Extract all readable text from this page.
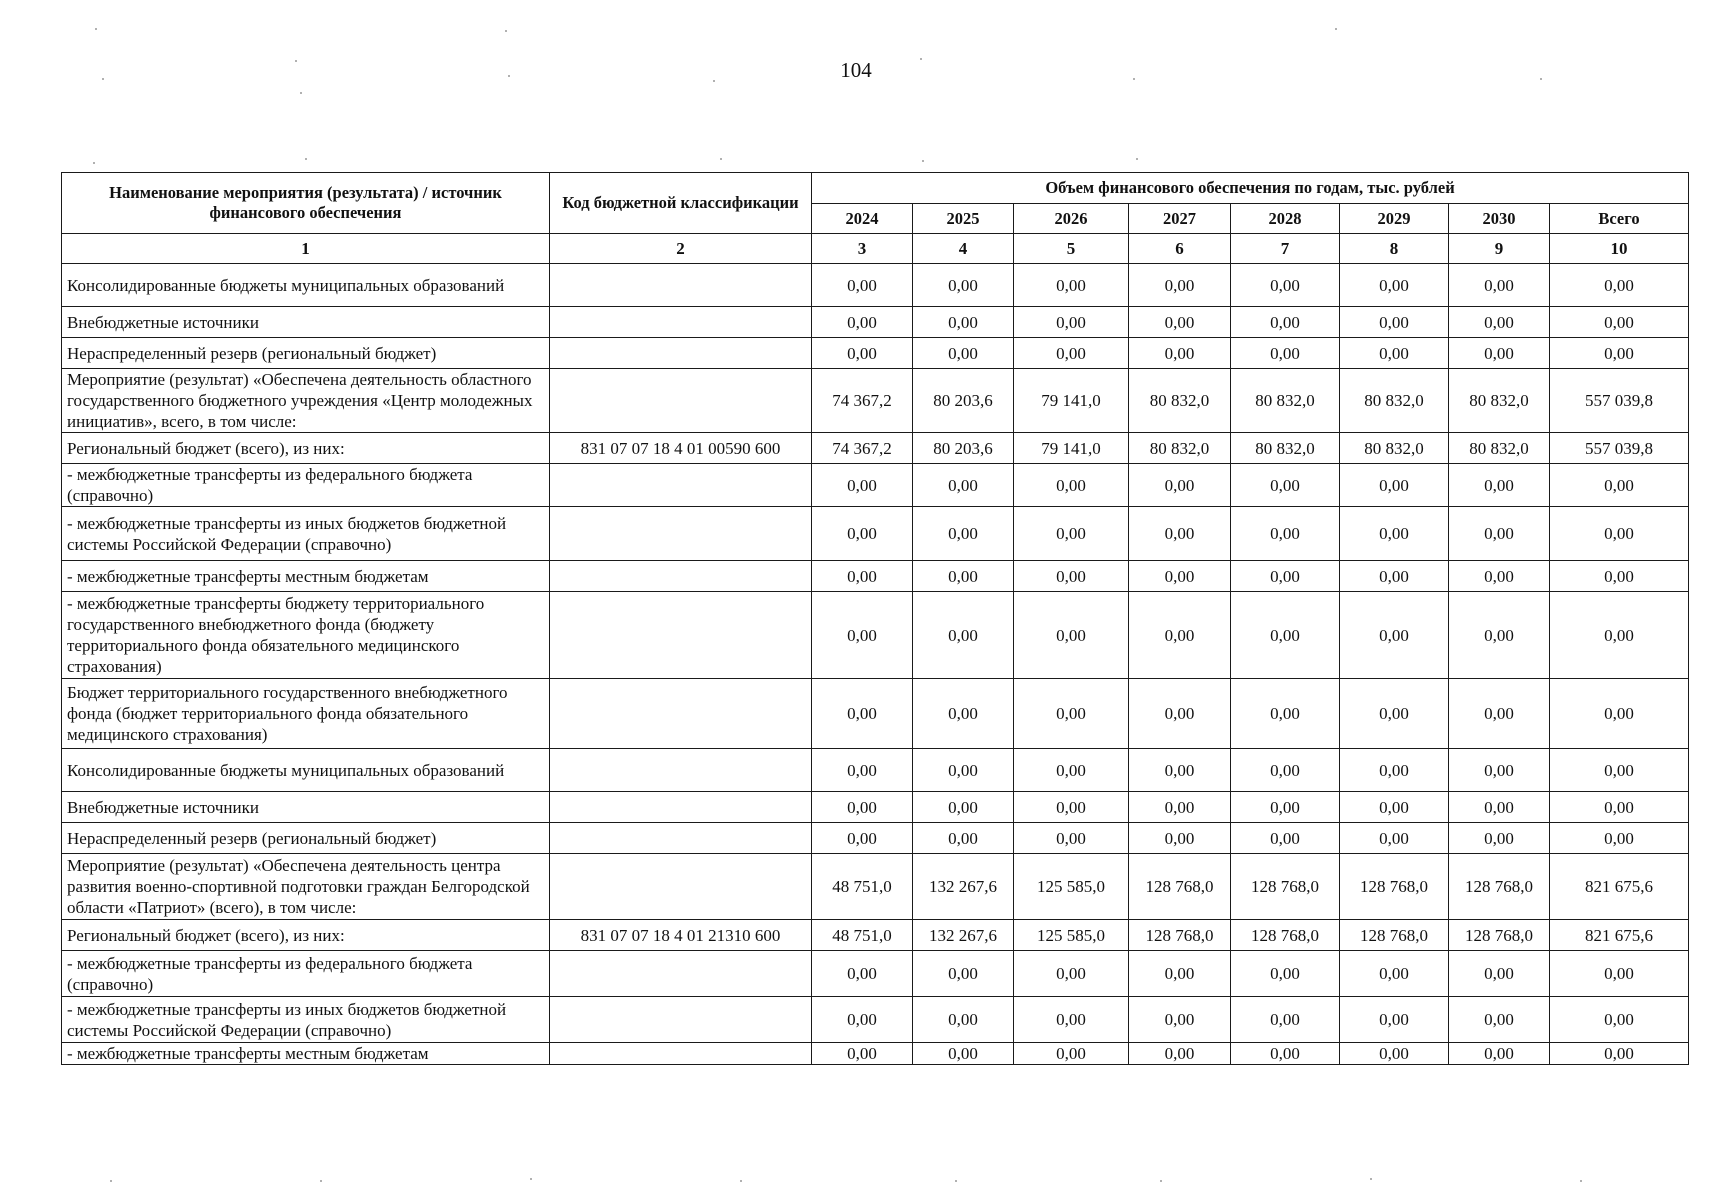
104
Наименование мероприятия (результата) / источник финансового обеспечения	Код бюджетной классификации	Объем финансового обеспечения по годам, тыс. рублей							
		2024	2025	2026	2027	2028	2029	2030	Всего
1	2	3	4	5	6	7	8	9	10
Консолидированные бюджеты муниципальных образований		0,00	0,00	0,00	0,00	0,00	0,00	0,00	0,00
Внебюджетные источники		0,00	0,00	0,00	0,00	0,00	0,00	0,00	0,00
Нераспределенный резерв (региональный бюджет)		0,00	0,00	0,00	0,00	0,00	0,00	0,00	0,00
Мероприятие (результат) «Обеспечена деятельность областного государственного бюджетного учреждения «Центр молодежных инициатив», всего, в том числе:		74 367,2	80 203,6	79 141,0	80 832,0	80 832,0	80 832,0	80 832,0	557 039,8
Региональный бюджет (всего), из них:	831 07 07 18 4 01 00590 600	74 367,2	80 203,6	79 141,0	80 832,0	80 832,0	80 832,0	80 832,0	557 039,8
- межбюджетные трансферты из федерального бюджета (справочно)		0,00	0,00	0,00	0,00	0,00	0,00	0,00	0,00
- межбюджетные трансферты из иных бюджетов бюджетной системы Российской Федерации (справочно)		0,00	0,00	0,00	0,00	0,00	0,00	0,00	0,00
- межбюджетные трансферты местным бюджетам		0,00	0,00	0,00	0,00	0,00	0,00	0,00	0,00
- межбюджетные трансферты бюджету территориального государственного внебюджетного фонда (бюджету территориального фонда обязательного медицинского страхования)		0,00	0,00	0,00	0,00	0,00	0,00	0,00	0,00
Бюджет территориального государственного внебюджетного фонда (бюджет территориального фонда обязательного медицинского страхования)		0,00	0,00	0,00	0,00	0,00	0,00	0,00	0,00
Консолидированные бюджеты муниципальных образований		0,00	0,00	0,00	0,00	0,00	0,00	0,00	0,00
Внебюджетные источники		0,00	0,00	0,00	0,00	0,00	0,00	0,00	0,00
Нераспределенный резерв (региональный бюджет)		0,00	0,00	0,00	0,00	0,00	0,00	0,00	0,00
Мероприятие (результат) «Обеспечена деятельность центра развития военно-спортивной подготовки граждан Белгородской области «Патриот» (всего), в том числе:		48 751,0	132 267,6	125 585,0	128 768,0	128 768,0	128 768,0	128 768,0	821 675,6
Региональный бюджет (всего), из них:	831 07 07 18 4 01 21310 600	48 751,0	132 267,6	125 585,0	128 768,0	128 768,0	128 768,0	128 768,0	821 675,6
- межбюджетные трансферты из федерального бюджета (справочно)		0,00	0,00	0,00	0,00	0,00	0,00	0,00	0,00
- межбюджетные трансферты из иных бюджетов бюджетной системы Российской Федерации (справочно)		0,00	0,00	0,00	0,00	0,00	0,00	0,00	0,00
- межбюджетные трансферты местным бюджетам		0,00	0,00	0,00	0,00	0,00	0,00	0,00	0,00
